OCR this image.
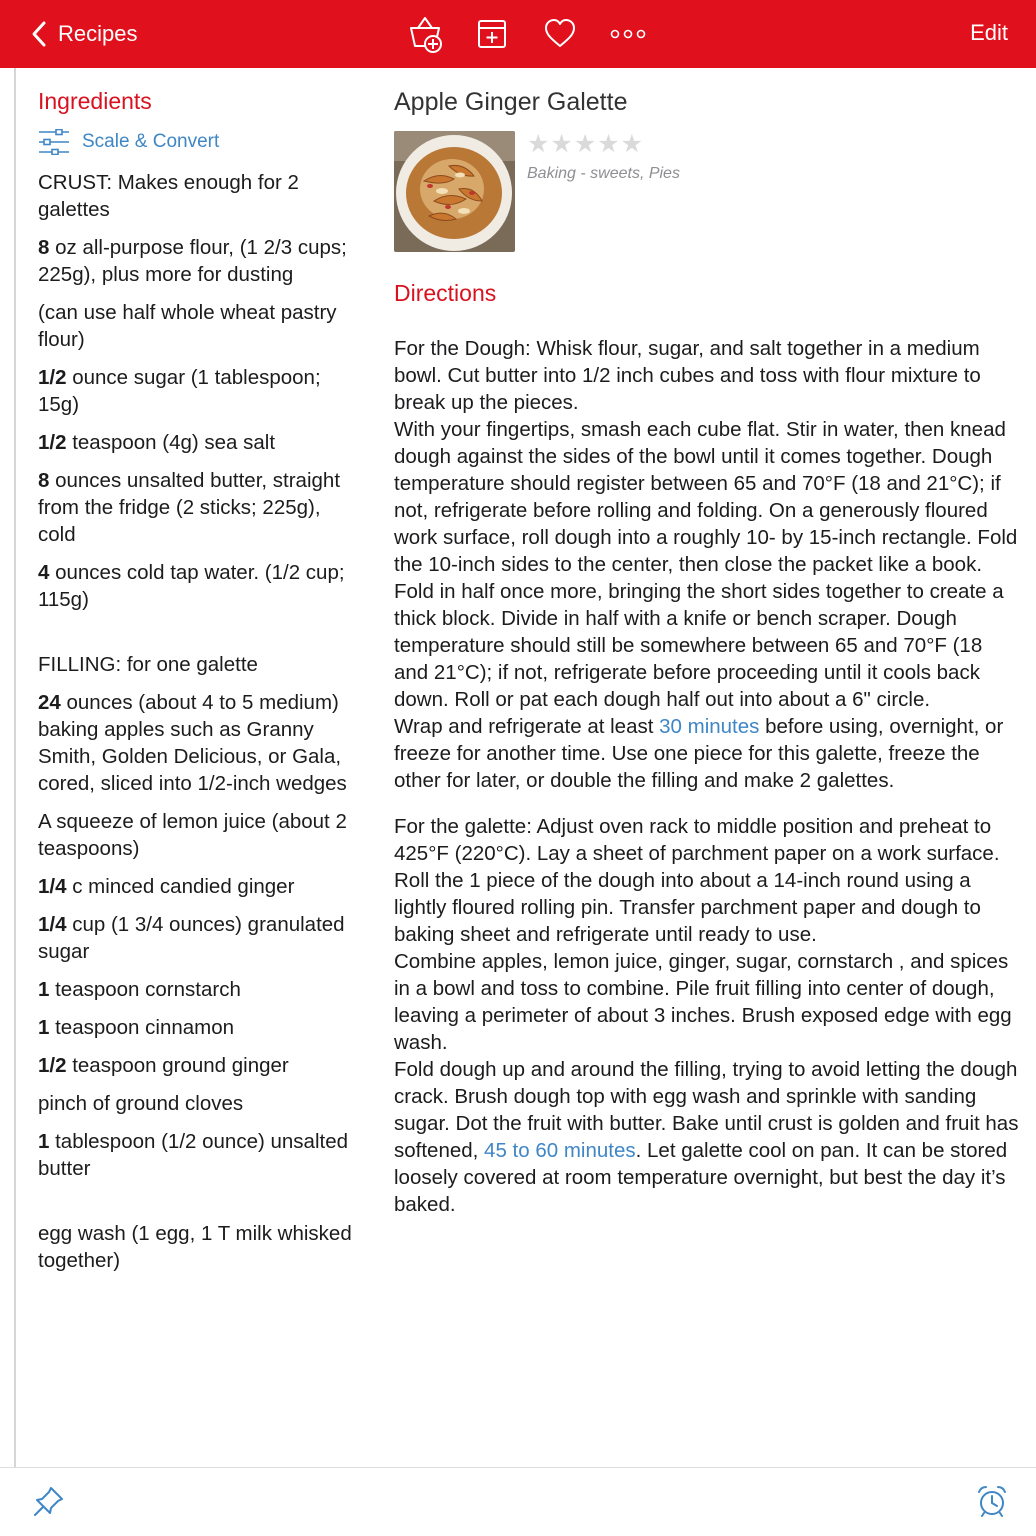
Recipes	Edit
Ingredients
Scale & Convert
CRUST: Makes enough for 2 galettes
8 oz all-purpose flour, (1 2/3 cups; 225g), plus more for dusting
(can use half whole wheat pastry flour)
1/2 ounce sugar (1 tablespoon; 15g)
1/2 teaspoon (4g) sea salt
8 ounces unsalted butter, straight from the fridge (2 sticks; 225g), cold
4 ounces cold tap water. (1/2 cup; 115g)
FILLING: for one galette
24 ounces (about 4 to 5 medium) baking apples such as Granny Smith, Golden Delicious, or Gala, cored, sliced into 1/2-inch wedges
A squeeze of lemon juice (about 2 teaspoons)
1/4 c minced candied ginger
1/4 cup (1 3/4 ounces) granulated sugar
1 teaspoon cornstarch
1 teaspoon cinnamon
1/2 teaspoon ground ginger
pinch of ground cloves
1 tablespoon (1/2 ounce) unsalted butter
egg wash (1 egg, 1 T milk whisked together)
Apple Ginger Galette
★★★★★
Baking - sweets, Pies
Directions
For the Dough: Whisk flour, sugar, and salt together in a medium bowl. Cut butter into 1/2 inch cubes and toss with flour mixture to break up the pieces.
With your fingertips, smash each cube flat. Stir in water, then knead dough against the sides of the bowl until it comes together. Dough temperature should register between 65 and 70°F (18 and 21°C); if not, refrigerate before rolling and folding. On a generously floured work surface, roll dough into a roughly 10- by 15-inch rectangle. Fold the 10-inch sides to the center, then close the packet like a book. Fold in half once more, bringing the short sides together to create a thick block. Divide in half with a knife or bench scraper. Dough temperature should still be somewhere between 65 and 70°F (18 and 21°C); if not, refrigerate before proceeding until it cools back down. Roll or pat each dough half out into about a 6" circle.
Wrap and refrigerate at least 30 minutes before using, overnight, or freeze for another time. Use one piece for this galette, freeze the other for later, or double the filling and make 2 galettes.
For the galette: Adjust oven rack to middle position and preheat to 425°F (220°C). Lay a sheet of parchment paper on a work surface. Roll the 1 piece of the dough into about a 14-inch round using a lightly floured rolling pin. Transfer parchment paper and dough to baking sheet and refrigerate until ready to use.
Combine apples, lemon juice, ginger, sugar, cornstarch , and spices in a bowl and toss to combine. Pile fruit filling into center of dough, leaving a perimeter of about 3 inches. Brush exposed edge with egg wash.
Fold dough up and around the filling, trying to avoid letting the dough crack. Brush dough top with egg wash and sprinkle with sanding sugar. Dot the fruit with butter. Bake until crust is golden and fruit has softened, 45 to 60 minutes. Let galette cool on pan. It can be stored loosely covered at room temperature overnight, but best the day it’s baked.
